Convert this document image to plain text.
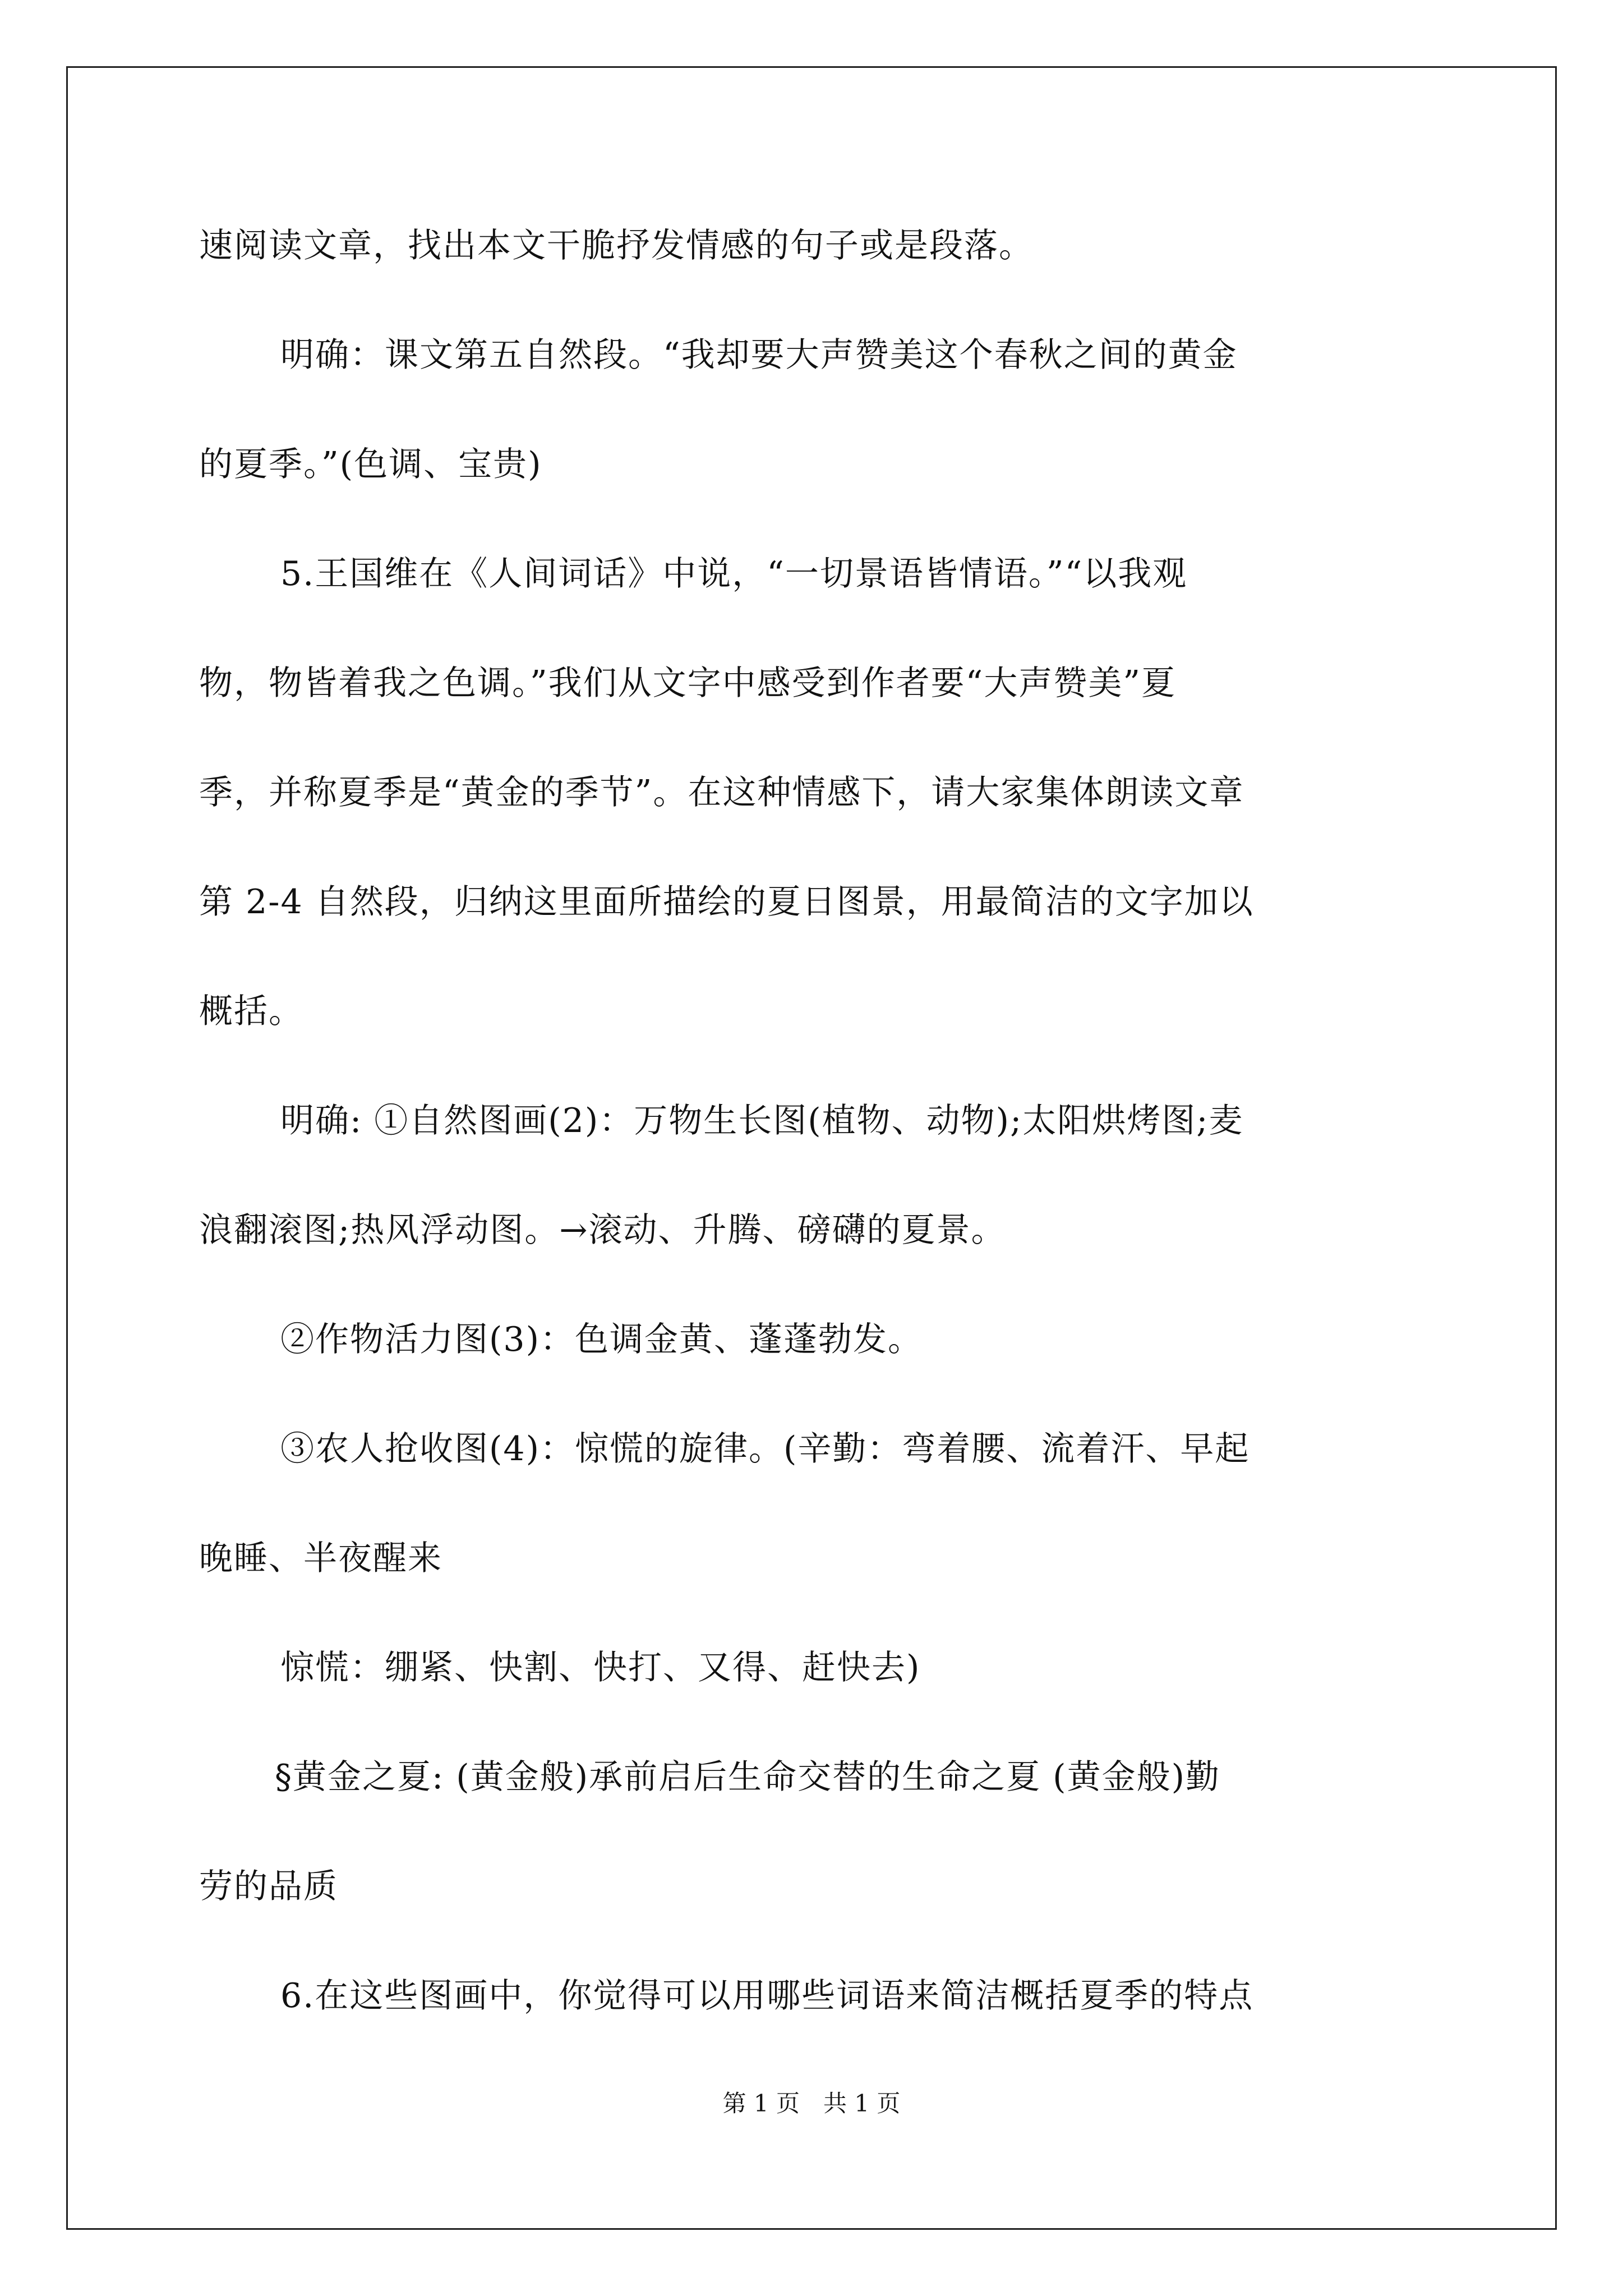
速阅读文章，找出本文干脆抒发情感的句子或是段落。
明确：课文第五自然段。“我却要大声赞美这个春秋之间的黄金
的夏季。”(色调、宝贵)
5.王国维在《人间词话》中说，“一切景语皆情语。”“以我观
物，物皆着我之色调。”我们从文字中感受到作者要“大声赞美”夏
季，并称夏季是“黄金的季节”。在这种情感下，请大家集体朗读文章
第 2-4 自然段，归纳这里面所描绘的夏日图景，用最简洁的文字加以
概括。
明确: ①自然图画(2)：万物生长图(植物、动物);太阳烘烤图;麦
浪翻滚图;热风浮动图。→滚动、升腾、磅礴的夏景。
②作物活力图(3)：色调金黄、蓬蓬勃发。
③农人抢收图(4)：惊慌的旋律。(辛勤：弯着腰、流着汗、早起
晚睡、半夜醒来
惊慌：绷紧、快割、快打、又得、赶快去)
§黄金之夏: (黄金般)承前启后生命交替的生命之夏 (黄金般)勤
劳的品质
6.在这些图画中，你觉得可以用哪些词语来简洁概括夏季的特点
第 1 页　共 1 页
